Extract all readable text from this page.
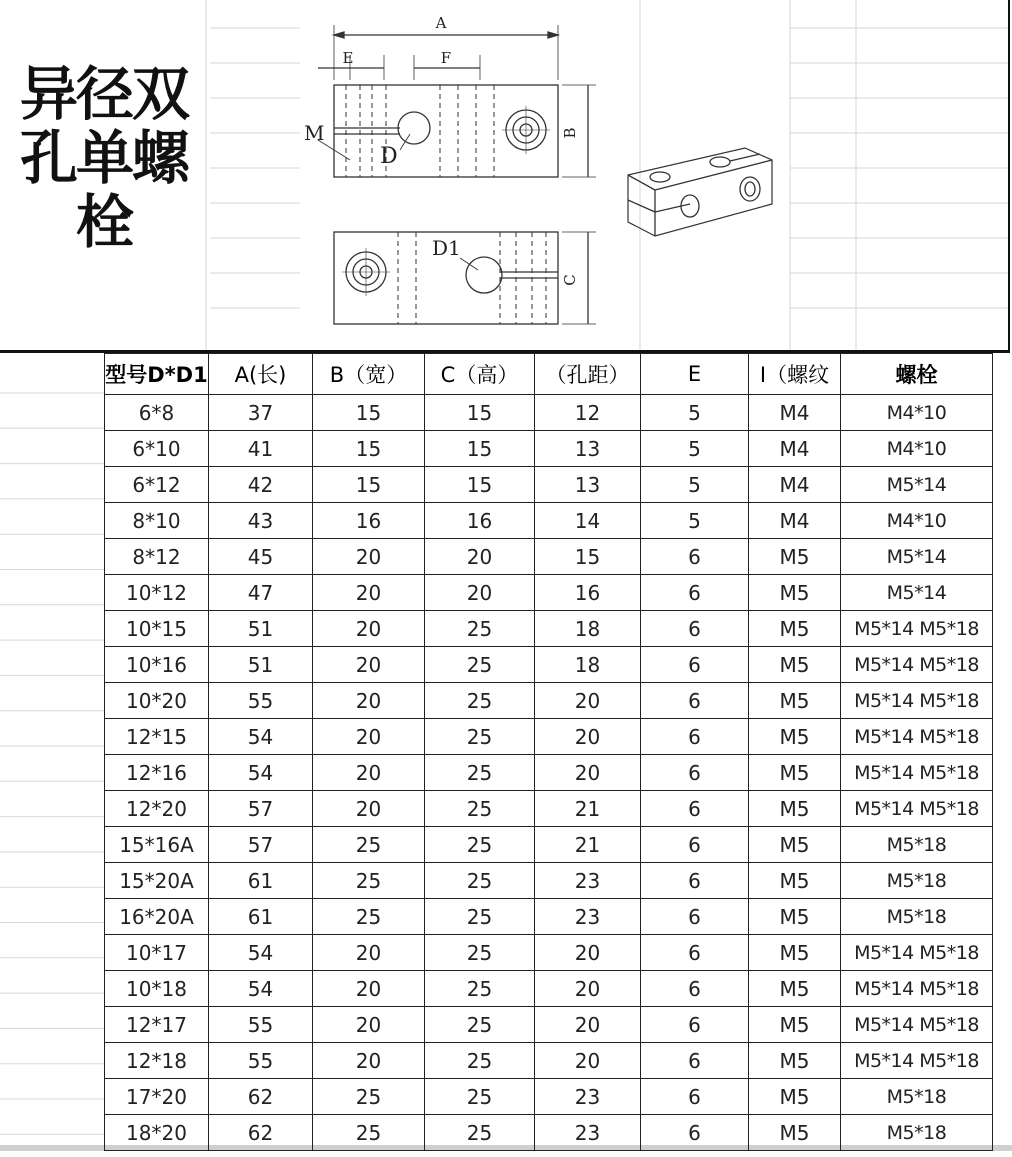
异径双
孔单螺
栓
A
E	F
B
C
M
D
D1
型号D*D1	A(长)	B（宽）	C（高）	（孔距）	E	I（螺纹	螺栓
6*8	37	15	15	12	5	M4	M4*10
6*10	41	15	15	13	5	M4	M4*10
6*12	42	15	15	13	5	M4	M5*14
8*10	43	16	16	14	5	M4	M4*10
8*12	45	20	20	15	6	M5	M5*14
10*12	47	20	20	16	6	M5	M5*14
10*15	51	20	25	18	6	M5	M5*14 M5*18
10*16	51	20	25	18	6	M5	M5*14 M5*18
10*20	55	20	25	20	6	M5	M5*14 M5*18
12*15	54	20	25	20	6	M5	M5*14 M5*18
12*16	54	20	25	20	6	M5	M5*14 M5*18
12*20	57	20	25	21	6	M5	M5*14 M5*18
15*16A	57	25	25	21	6	M5	M5*18
15*20A	61	25	25	23	6	M5	M5*18
16*20A	61	25	25	23	6	M5	M5*18
10*17	54	20	25	20	6	M5	M5*14 M5*18
10*18	54	20	25	20	6	M5	M5*14 M5*18
12*17	55	20	25	20	6	M5	M5*14 M5*18
12*18	55	20	25	20	6	M5	M5*14 M5*18
17*20	62	25	25	23	6	M5	M5*18
18*20	62	25	25	23	6	M5	M5*18
